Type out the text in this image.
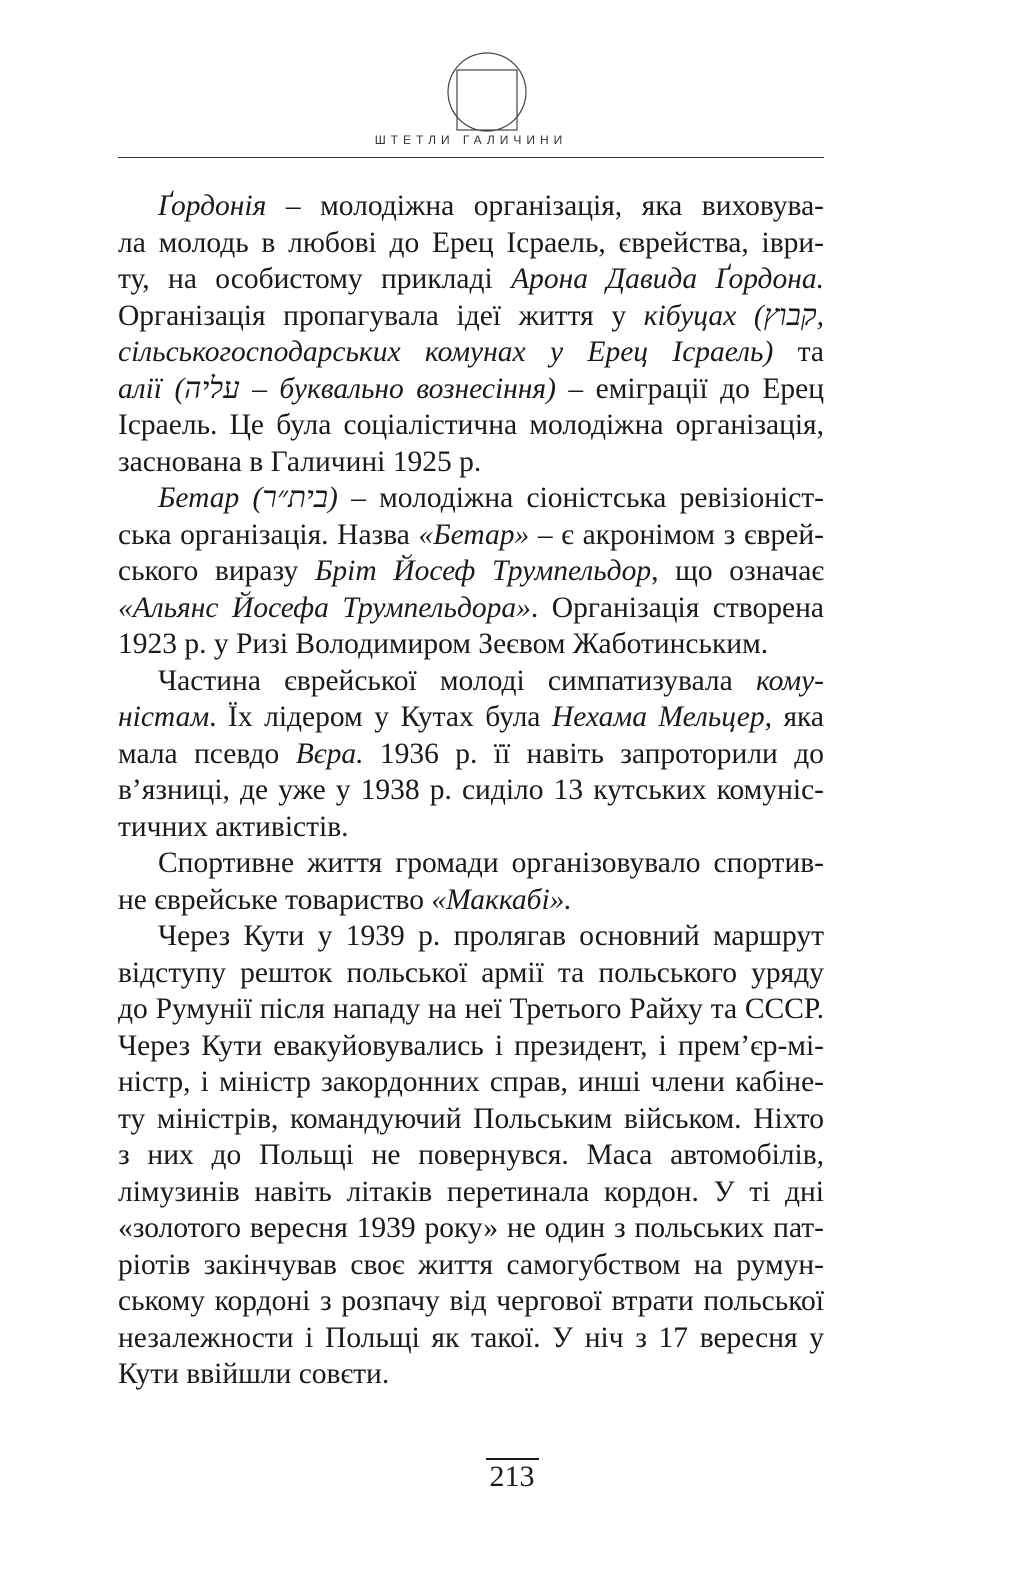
ШТЕТЛИ ГАЛИЧИНИ
Ґордонія – молодіжна організація, яка виховува-
ла молодь в любові до Ерец Ісраель, єврейства, іври-
ту, на особистому прикладі Арона Давида Ґордона.
Організація пропагувала ідеї життя у кібуцах (קבוץ,
сільськогосподарських комунах у Ерец Ісраель) та
алії (עליה – буквально вознесіння) – еміграції до Ерец
Ісраель. Це була соціалістична молодіжна організація,
заснована в Галичині 1925 р.
Бетар (בית״ר) – молодіжна сіоністська ревізіоніст-
ська організація. Назва «Бетар» – є акронімом з єврей-
ського виразу Бріт Йосеф Трумпельдор, що означає
«Альянс Йосефа Трумпельдора». Організація створена
1923 р. у Ризі Володимиром Зеєвом Жаботинським.
Частина єврейської молоді симпатизувала кому-
ністам. Їх лідером у Кутах була Нехама Мельцер, яка
мала псевдо Вєра. 1936 р. її навіть запроторили до
в’язниці, де уже у 1938 р. сиділо 13 кутських комуніс-
тичних активістів.
Спортивне життя громади організовувало спортив-
не єврейське товариство «Маккабі».
Через Кути у 1939 р. пролягав основний маршрут
відступу решток польської армії та польського уряду
до Румунії після нападу на неї Третього Райху та СССР.
Через Кути евакуйовувались і президент, і прем’єр-мі-
ністр, і міністр закордонних справ, инші члени кабіне-
ту міністрів, командуючий Польським військом. Ніхто
з них до Польщі не повернувся. Маса автомобілів,
лімузинів навіть літаків перетинала кордон. У ті дні
«золотого вересня 1939 року» не один з польських пат-
ріотів закінчував своє життя самогубством на румун-
ському кордоні з розпачу від чергової втрати польської
незалежности і Польщі як такої. У ніч з 17 вересня у
Кути ввійшли совєти.
213
